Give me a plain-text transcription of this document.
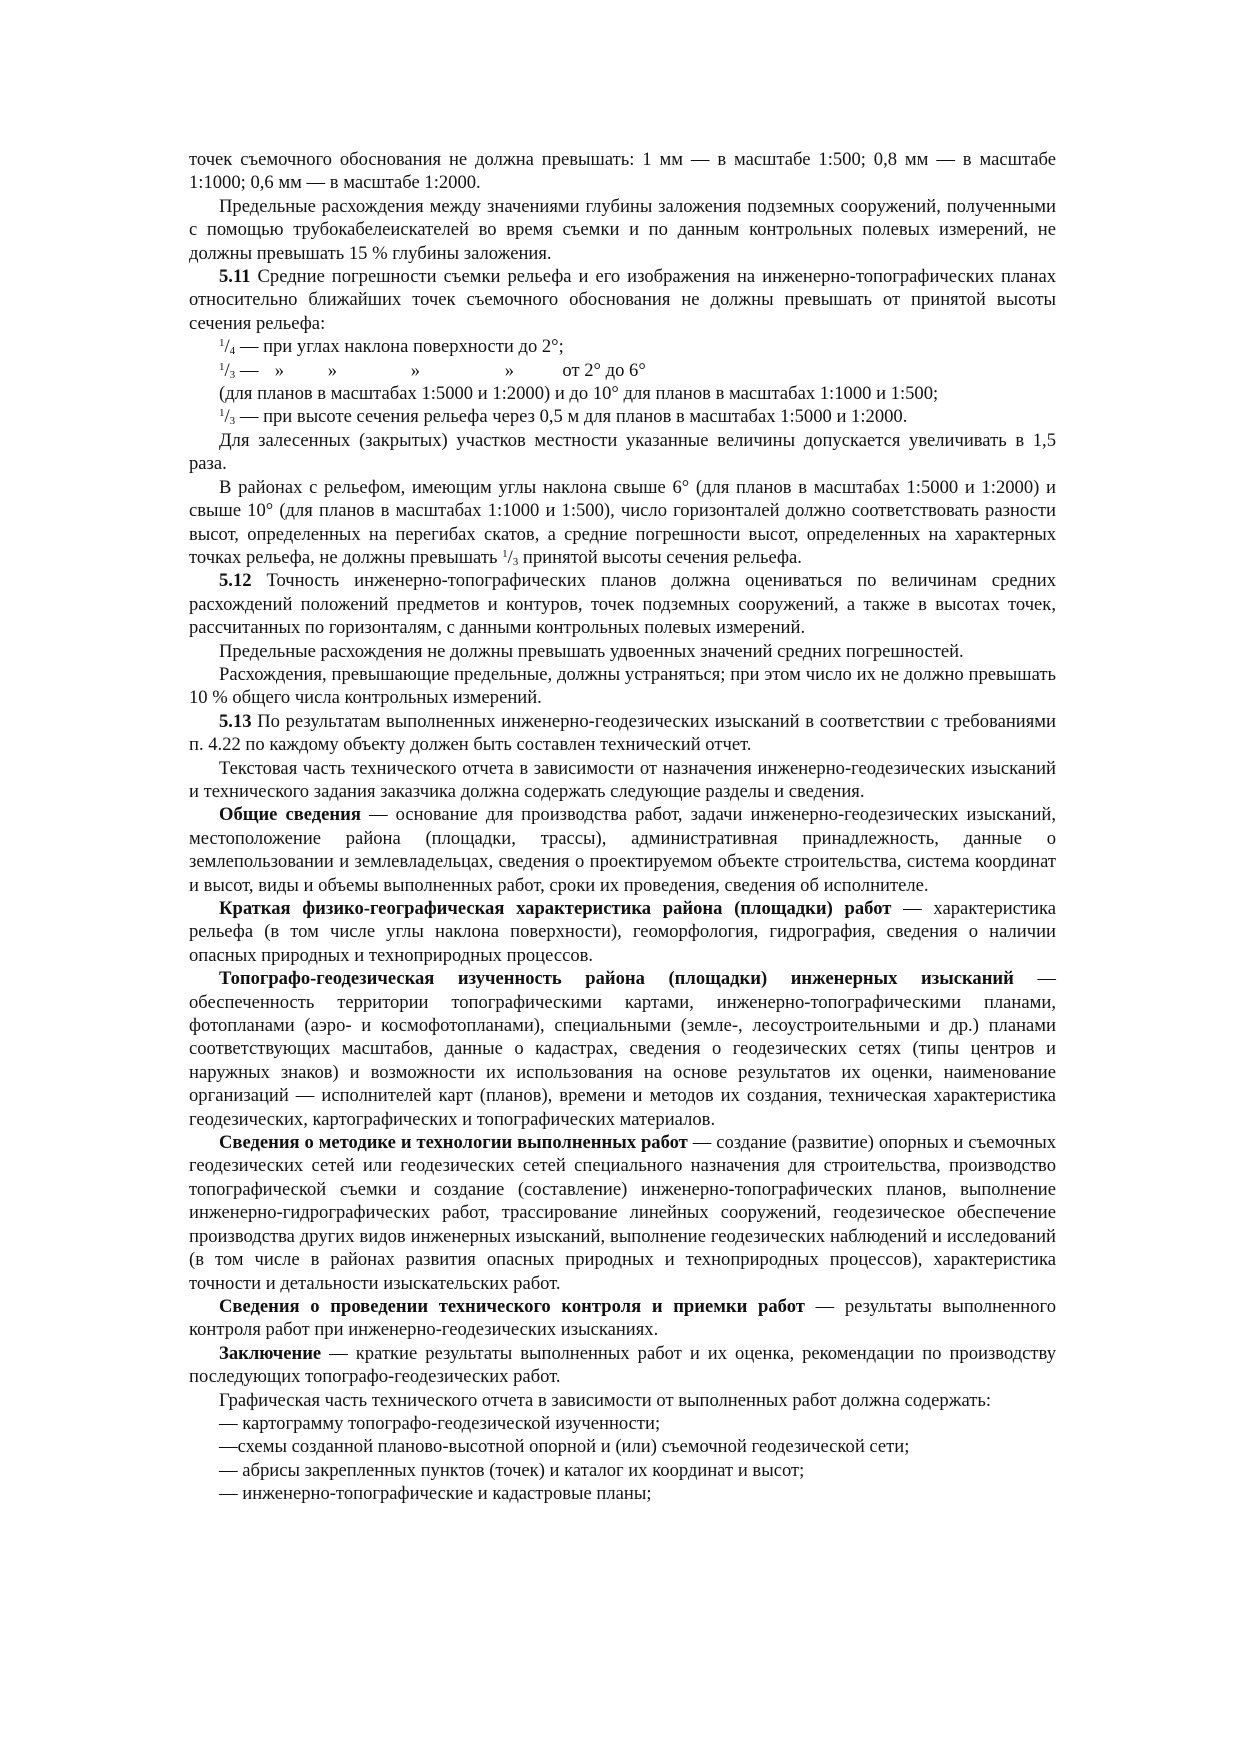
точек съемочного обоснования не должна превышать: 1 мм — в масштабе 1:500; 0,8 мм — в масштабе 1:1000; 0,6 мм — в масштабе 1:2000.

Предельные расхождения между значениями глубины заложения подземных сооружений, полученными с помощью трубокабелеискателей во время съемки и по данным контрольных полевых измерений, не должны превышать 15 % глубины заложения.

5.11 Средние погрешности съемки рельефа и его изображения на инженерно-топографических планах относительно ближайших точек съемочного обоснования не должны превышать от принятой высоты сечения рельефа:

$^1/_4$ — при углах наклона поверхности до 2°;

$^1/_3$ — » »	»	»	от 2° до 6°

(для планов в масштабах 1:5000 и 1:2000) и до 10° для планов в масштабах 1:1000 и 1:500;

$^1/_3$ — при высоте сечения рельефа через 0,5 м для планов в масштабах 1:5000 и 1:2000.

Для залесенных (закрытых) участков местности указанные величины допускается увеличивать в 1,5 раза.

В районах с рельефом, имеющим углы наклона свыше 6° (для планов в масштабах 1:5000 и 1:2000) и свыше 10° (для планов в масштабах 1:1000 и 1:500), число горизонталей должно соответствовать разности высот, определенных на перегибах скатов, а средние погрешности высот, определенных на характерных точках рельефа, не должны превышать $^1/_3$ принятой высоты сечения рельефа.

5.12 Точность инженерно-топографических планов должна оцениваться по величинам средних расхождений положений предметов и контуров, точек подземных сооружений, а также в высотах точек, рассчитанных по горизонталям, с данными контрольных полевых измерений.

Предельные расхождения не должны превышать удвоенных значений средних погрешностей.

Расхождения, превышающие предельные, должны устраняться; при этом число их не должно превышать 10 % общего числа контрольных измерений.

5.13 По результатам выполненных инженерно-геодезических изысканий в соответствии с требованиями п. 4.22 по каждому объекту должен быть составлен технический отчет.

Текстовая часть технического отчета в зависимости от назначения инженерно-геодезических изысканий и технического задания заказчика должна содержать следующие разделы и сведения.

Общие сведения — основание для производства работ, задачи инженерно-геодезических изысканий, местоположение района (площадки, трассы), административная принадлежность, данные о землепользовании и землевладельцах, сведения о проектируемом объекте строительства, система координат и высот, виды и объемы выполненных работ, сроки их проведения, сведения об исполнителе.

Краткая физико-географическая характеристика района (площадки) работ — характеристика рельефа (в том числе углы наклона поверхности), геоморфология, гидрография, сведения о наличии опасных природных и техноприродных процессов.

Топографо-геодезическая изученность района (площадки) инженерных изысканий — обеспеченность территории топографическими картами, инженерно-топографическими планами, фотопланами (аэро- и космофотопланами), специальными (земле-, лесоустроительными и др.) планами соответствующих масштабов, данные о кадастрах, сведения о геодезических сетях (типы центров и наружных знаков) и возможности их использования на основе результатов их оценки, наименование организаций — исполнителей карт (планов), времени и методов их создания, техническая характеристика геодезических, картографических и топографических материалов.

Сведения о методике и технологии выполненных работ — создание (развитие) опорных и съемочных геодезических сетей или геодезических сетей специального назначения для строительства, производство топографической съемки и создание (составление) инженерно-топографических планов, выполнение инженерно-гидрографических работ, трассирование линейных сооружений, геодезическое обеспечение производства других видов инженерных изысканий, выполнение геодезических наблюдений и исследований (в том числе в районах развития опасных природных и техноприродных процессов), характеристика точности и детальности изыскательских работ.

Сведения о проведении технического контроля и приемки работ — результаты выполненного контроля работ при инженерно-геодезических изысканиях.

Заключение — краткие результаты выполненных работ и их оценка, рекомендации по производству последующих топографо-геодезических работ.

Графическая часть технического отчета в зависимости от выполненных работ должна содержать:

— картограмму топографо-геодезической изученности;

—схемы созданной планово-высотной опорной и (или) съемочной геодезической сети;

— абрисы закрепленных пунктов (точек) и каталог их координат и высот;

— инженерно-топографические и кадастровые планы;
